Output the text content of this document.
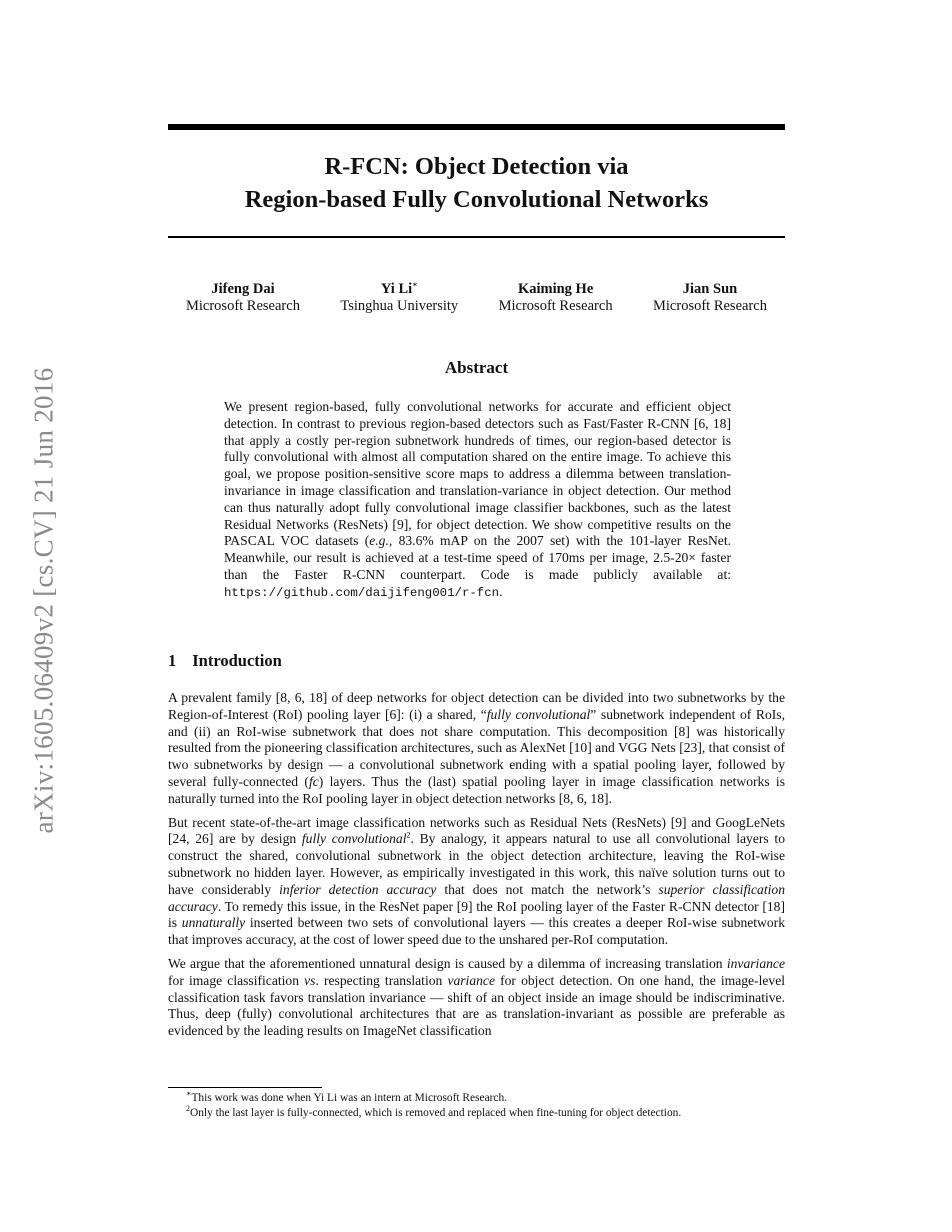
arXiv:1605.06409v2 [cs.CV] 21 Jun 2016
R-FCN: Object Detection via
Region-based Fully Convolutional Networks
Jifeng Dai
Microsoft Research
Yi Li∗
Tsinghua University
Kaiming He
Microsoft Research
Jian Sun
Microsoft Research
Abstract
We present region-based, fully convolutional networks for accurate and efficient object detection. In contrast to previous region-based detectors such as Fast/Faster R-CNN [6, 18] that apply a costly per-region subnetwork hundreds of times, our region-based detector is fully convolutional with almost all computation shared on the entire image. To achieve this goal, we propose position-sensitive score maps to address a dilemma between translation-invariance in image classification and translation-variance in object detection. Our method can thus naturally adopt fully convolutional image classifier backbones, such as the latest Residual Networks (ResNets) [9], for object detection. We show competitive results on the PASCAL VOC datasets (e.g., 83.6% mAP on the 2007 set) with the 101-layer ResNet. Meanwhile, our result is achieved at a test-time speed of 170ms per image, 2.5-20× faster than the Faster R-CNN counterpart. Code is made publicly available at: https://github.com/daijifeng001/r-fcn.
1 Introduction

A prevalent family [8, 6, 18] of deep networks for object detection can be divided into two subnetworks by the Region-of-Interest (RoI) pooling layer [6]: (i) a shared, “fully convolutional” subnetwork independent of RoIs, and (ii) an RoI-wise subnetwork that does not share computation. This decomposition [8] was historically resulted from the pioneering classification architectures, such as AlexNet [10] and VGG Nets [23], that consist of two subnetworks by design — a convolutional subnetwork ending with a spatial pooling layer, followed by several fully-connected (fc) layers. Thus the (last) spatial pooling layer in image classification networks is naturally turned into the RoI pooling layer in object detection networks [8, 6, 18].

But recent state-of-the-art image classification networks such as Residual Nets (ResNets) [9] and GoogLeNets [24, 26] are by design fully convolutional$^2$. By analogy, it appears natural to use all convolutional layers to construct the shared, convolutional subnetwork in the object detection architecture, leaving the RoI-wise subnetwork no hidden layer. However, as empirically investigated in this work, this naïve solution turns out to have considerably inferior detection accuracy that does not match the network’s superior classification accuracy. To remedy this issue, in the ResNet paper [9] the RoI pooling layer of the Faster R-CNN detector [18] is unnaturally inserted between two sets of convolutional layers — this creates a deeper RoI-wise subnetwork that improves accuracy, at the cost of lower speed due to the unshared per-RoI computation.

We argue that the aforementioned unnatural design is caused by a dilemma of increasing translation invariance for image classification vs. respecting translation variance for object detection. On one hand, the image-level classification task favors translation invariance — shift of an object inside an image should be indiscriminative. Thus, deep (fully) convolutional architectures that are as translation-invariant as possible are preferable as evidenced by the leading results on ImageNet classification

∗This work was done when Yi Li was an intern at Microsoft Research.
$^2$Only the last layer is fully-connected, which is removed and replaced when fine-tuning for object detection.
